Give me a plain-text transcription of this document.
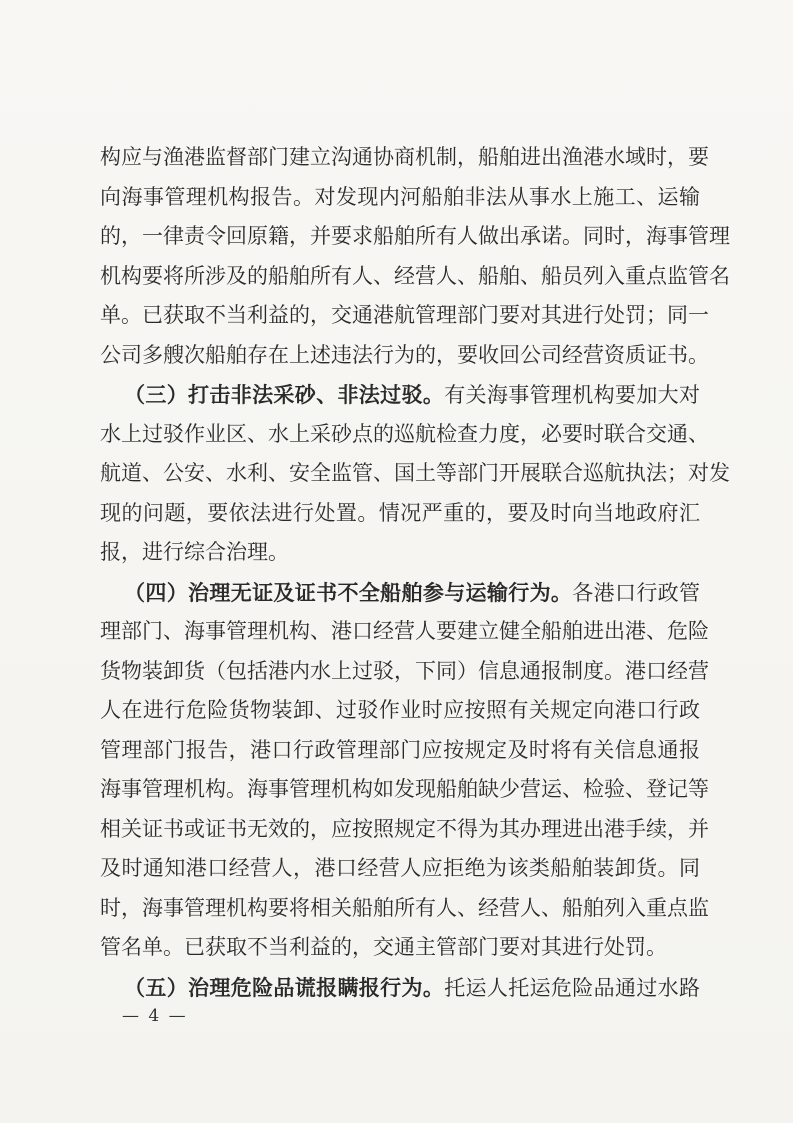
构应与渔港监督部门建立沟通协商机制，船舶进出渔港水域时，要
向海事管理机构报告。对发现内河船舶非法从事水上施工、运输
的，一律责令回原籍，并要求船舶所有人做出承诺。同时，海事管理
机构要将所涉及的船舶所有人、经营人、船舶、船员列入重点监管名
单。已获取不当利益的，交通港航管理部门要对其进行处罚；同一
公司多艘次船舶存在上述违法行为的，要收回公司经营资质证书。
（三）打击非法采砂、非法过驳。有关海事管理机构要加大对
水上过驳作业区、水上采砂点的巡航检查力度，必要时联合交通、
航道、公安、水利、安全监管、国土等部门开展联合巡航执法；对发
现的问题，要依法进行处置。情况严重的，要及时向当地政府汇
报，进行综合治理。
（四）治理无证及证书不全船舶参与运输行为。各港口行政管
理部门、海事管理机构、港口经营人要建立健全船舶进出港、危险
货物装卸货（包括港内水上过驳，下同）信息通报制度。港口经营
人在进行危险货物装卸、过驳作业时应按照有关规定向港口行政
管理部门报告，港口行政管理部门应按规定及时将有关信息通报
海事管理机构。海事管理机构如发现船舶缺少营运、检验、登记等
相关证书或证书无效的，应按照规定不得为其办理进出港手续，并
及时通知港口经营人，港口经营人应拒绝为该类船舶装卸货。同
时，海事管理机构要将相关船舶所有人、经营人、船舶列入重点监
管名单。已获取不当利益的，交通主管部门要对其进行处罚。
（五）治理危险品谎报瞒报行为。托运人托运危险品通过水路
— 4 —
